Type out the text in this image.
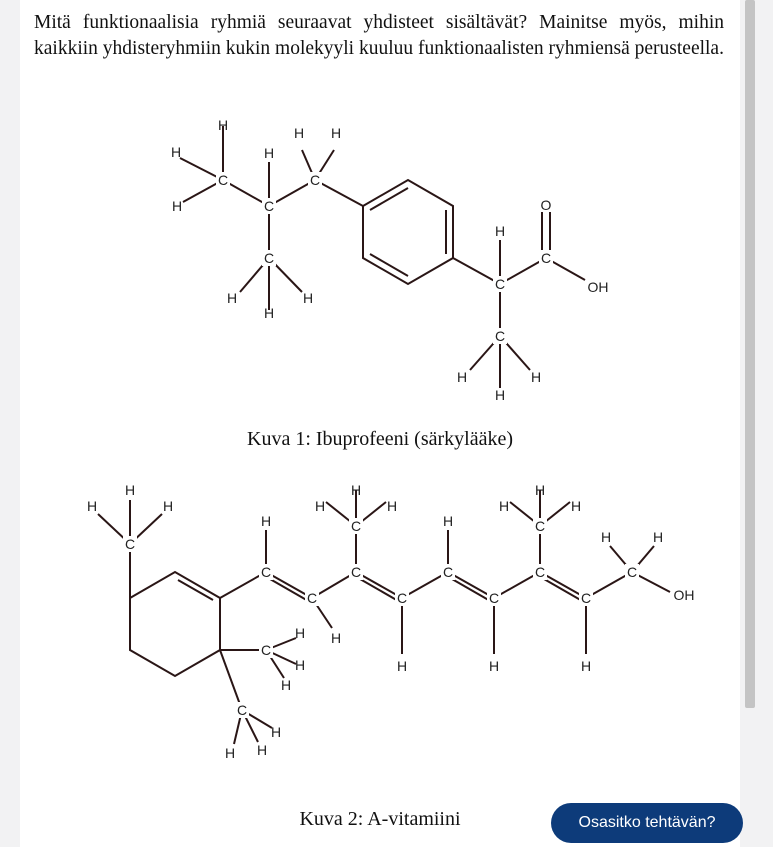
Mitä funktionaalisia ryhmiä seuraavat yhdisteet sisältävät? Mainitse myös, mihin kaikkiin yhdisteryhmiin kukin molekyyli kuuluu funktionaalisten ryhmiensä perusteella.
C
C
C
C
C
C
C
H
H
H
H
H H
H	H
H
H
O
OH
H	H
H
Kuva 1: Ibuprofeeni (särkylääke)
C
C
C
C
C
C
C
C
C
C
C
C
C
C
H
H	H
H
H
H
H	H
H
H
H
H
H	H
H
H	H
OH
H
H
H
H
H H
Kuva 2: A-vitamiini	Osasitko tehtävän?
